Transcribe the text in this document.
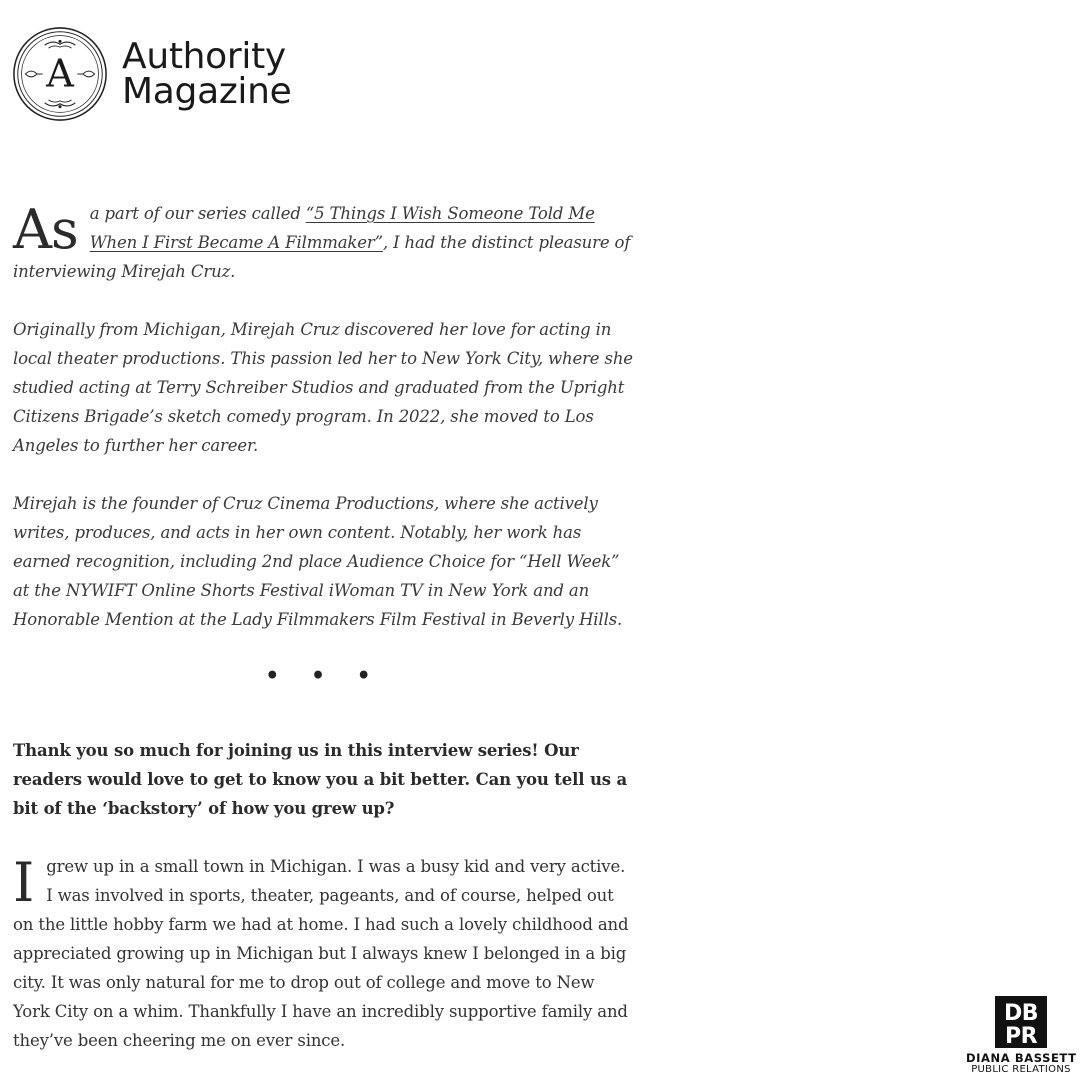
A Authority
Magazine

As a part of our series called “5 Things I Wish Someone Told Me When I First Became A Filmmaker”, I had the distinct pleasure of interviewing Mirejah Cruz.

Originally from Michigan, Mirejah Cruz discovered her love for acting in local theater productions. This passion led her to New York City, where she studied acting at Terry Schreiber Studios and graduated from the Upright Citizens Brigade’s sketch comedy program. In 2022, she moved to Los Angeles to further her career.

Mirejah is the founder of Cruz Cinema Productions, where she actively writes, produces, and acts in her own content. Notably, her work has earned recognition, including 2nd place Audience Choice for “Hell Week” at the NYWIFT Online Shorts Festival iWoman TV in New York and an Honorable Mention at the Lady Filmmakers Film Festival in Beverly Hills.

• • •

Thank you so much for joining us in this interview series! Our readers would love to get to know you a bit better. Can you tell us a bit of the ‘backstory’ of how you grew up?

Igrew up in a small town in Michigan. I was a busy kid and very active. I was involved in sports, theater, pageants, and of course, helped out on the little hobby farm we had at home. I had such a lovely childhood and appreciated growing up in Michigan but I always knew I belonged in a big city. It was only natural for me to drop out of college and move to New York City on a whim. Thankfully I have an incredibly supportive family and they’ve been cheering me on ever since.

DB
PR
DIANA BASSETT
PUBLIC RELATIONS
